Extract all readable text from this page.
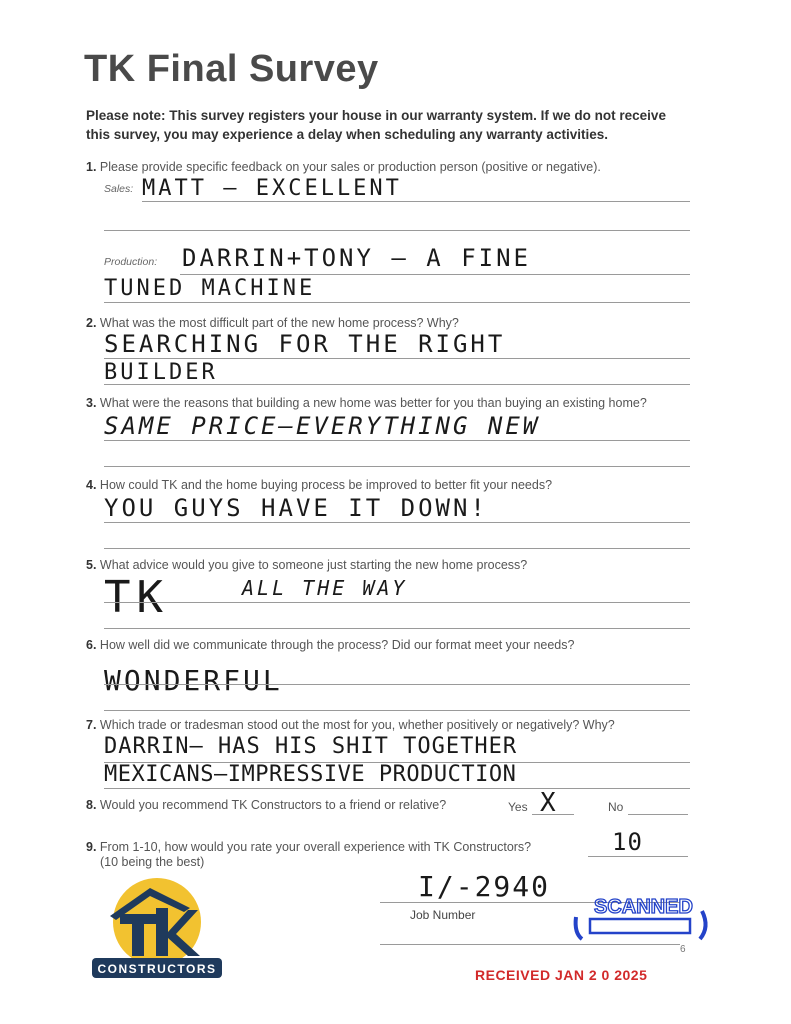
TK Final Survey
Please note: This survey registers your house in our warranty system. If we do not receive this survey, you may experience a delay when scheduling any warranty activities.
1. Please provide specific feedback on your sales or production person (positive or negative).
Sales: MATT — EXCELLENT
Production: DARRIN+TONY — A FINE
TUNED MACHINE
2. What was the most difficult part of the new home process? Why?
SEARCHING FOR THE RIGHT
BUILDER
3. What were the reasons that building a new home was better for you than buying an existing home?
SAME PRICE—EVERYTHING NEW
4. How could TK and the home buying process be improved to better fit your needs?
YOU GUYS HAVE IT DOWN!
5. What advice would you give to someone just starting the new home process?
TK	ALL THE WAY
6. How well did we communicate through the process? Did our format meet your needs?
WONDERFUL
7. Which trade or tradesman stood out the most for you, whether positively or negatively? Why?
DARRIN— HAS HIS SHIT TOGETHER
MEXICANS—IMPRESSIVE PRODUCTION
8. Would you recommend TK Constructors to a friend or relative?	Yes X	No
9. From 1-10, how would you rate your overall experience with TK Constructors?
(10 being the best)
10
I/-2940
Job Number	SCANNED
6
RECEIVED JAN 2 0 2025
CONSTRUCTORS
